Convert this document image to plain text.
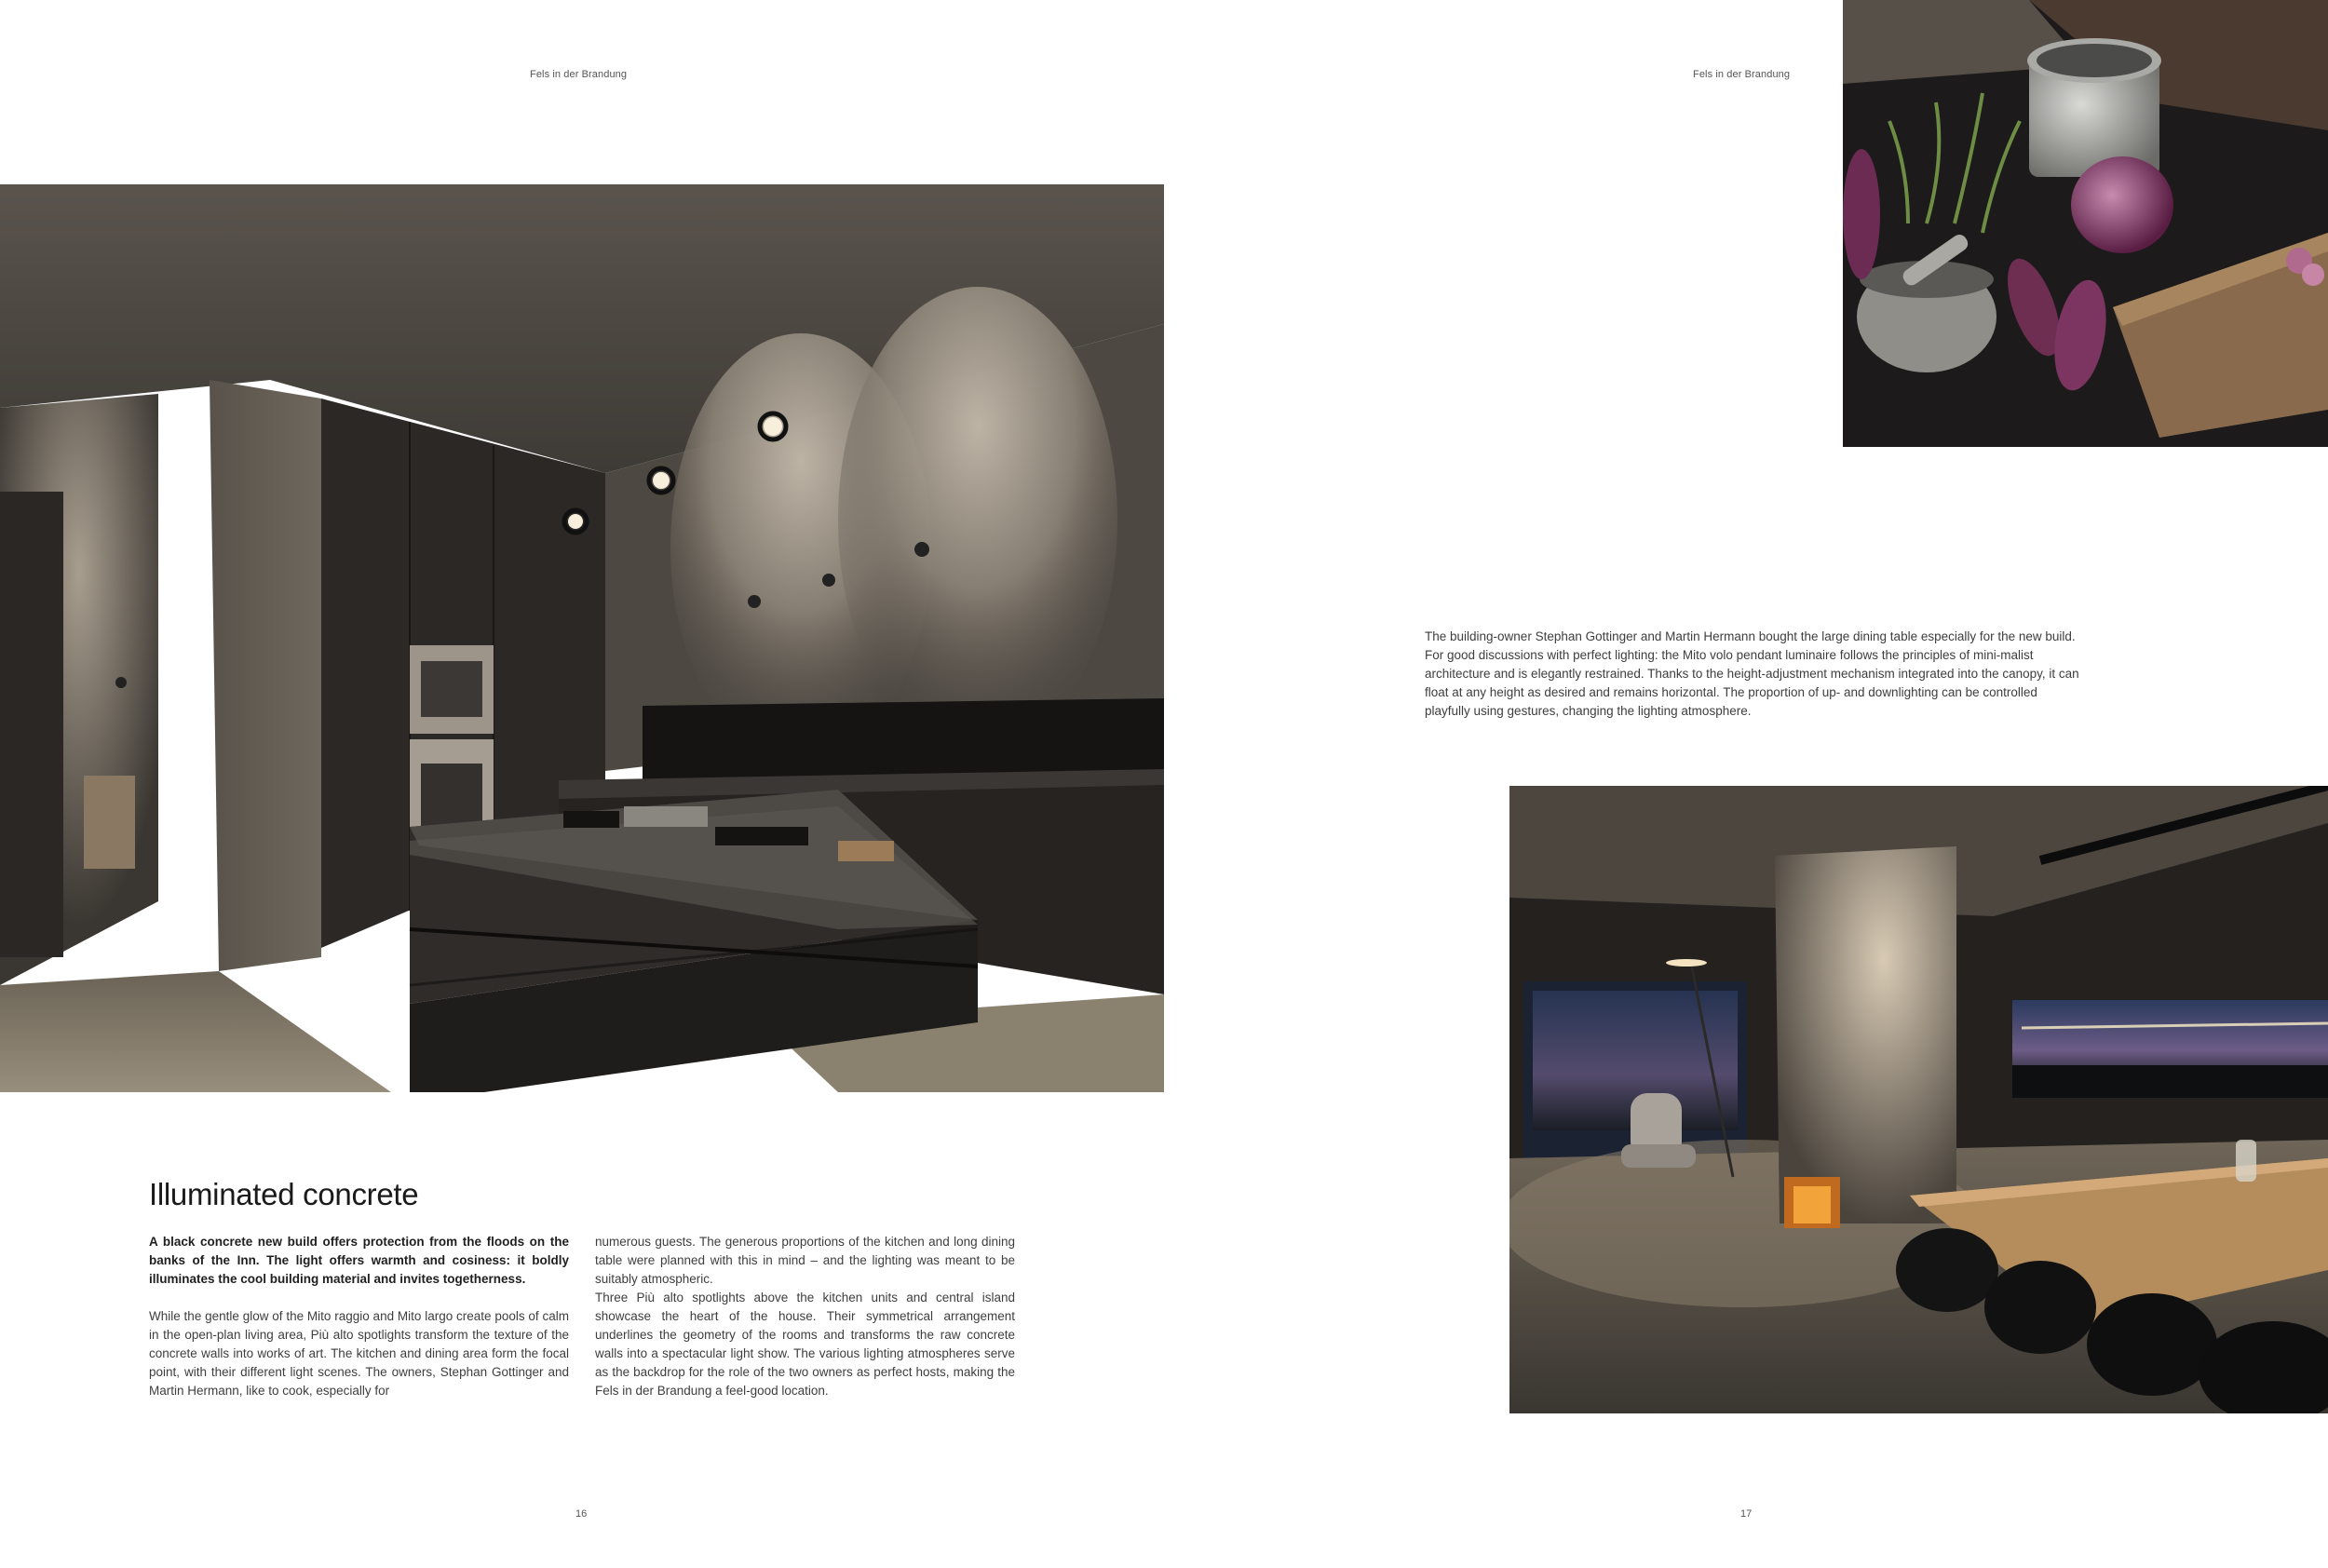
Fels in der Brandung
16
Illuminated concrete

A black concrete new build offers protection from the floods on the banks of the Inn. The light offers warmth and cosiness: it boldly illuminates the cool building material and invites togetherness.

While the gentle glow of the Mito raggio and Mito largo create pools of calm in the open-plan living area, Più alto spotlights transform the texture of the concrete walls into works of art. The kitchen and dining area form the focal point, with their different light scenes. The owners, Stephan Gottinger and Martin Hermann, like to cook, especially for

numerous guests. The generous proportions of the kitchen and long dining table were planned with this in mind – and the lighting was meant to be suitably atmospheric.

Three Più alto spotlights above the kitchen units and central island showcase the heart of the house. Their symmetrical arrangement underlines the geometry of the rooms and transforms the raw concrete walls into a spectacular light show. The various lighting atmospheres serve as the backdrop for the role of the two owners as perfect hosts, making the Fels in der Brandung a feel-good location.

Fels in der Brandung
17

The building-owner Stephan Gottinger and Martin Hermann bought the large dining table especially for the new build. For good discussions with perfect lighting: the Mito volo pendant luminaire follows the principles of mini-malist architecture and is elegantly restrained. Thanks to the height-adjustment mechanism integrated into the canopy, it can float at any height as desired and remains horizontal. The proportion of up- and downlighting can be controlled playfully using gestures, changing the lighting atmosphere.
